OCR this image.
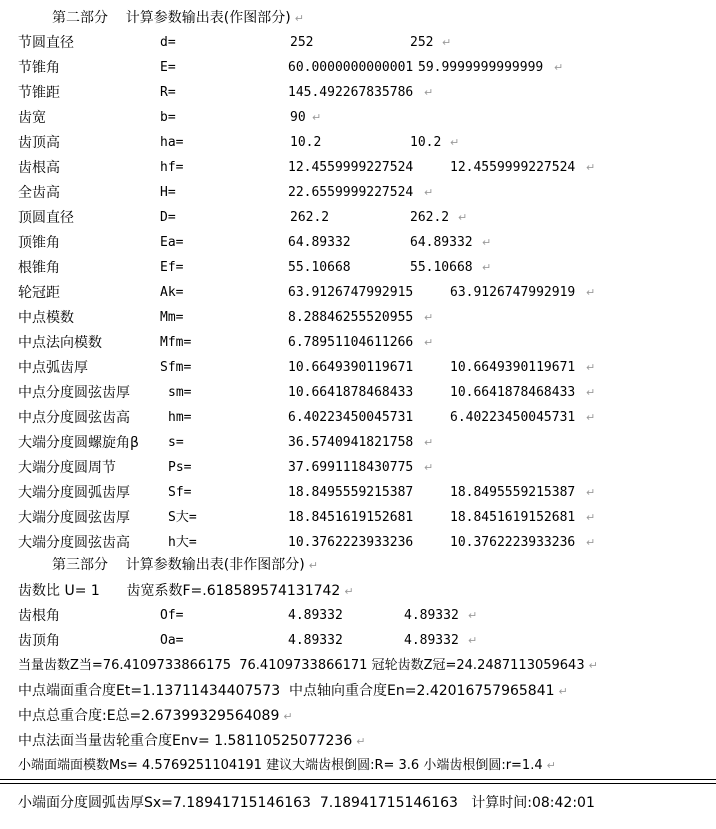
第二部分    计算参数输出表(作图部分) ↵
节圆直径	d=	252	252 ↵
节锥角	E=	60.0000000000001 59.9999999999999 ↵
节锥距	R=	145.492267835786 ↵
齿宽	b=	90 ↵
齿顶高	ha=	10.2	10.2 ↵
齿根高	hf=	12.4559999227524	12.4559999227524 ↵
全齿高	H=	22.6559999227524 ↵
顶圆直径	D=	262.2	262.2 ↵
顶锥角	Ea=	64.89332	64.89332 ↵
根锥角	Ef=	55.10668	55.10668 ↵
轮冠距	Ak=	63.9126747992915	63.9126747992919 ↵
中点模数	Mm=	8.28846255520955 ↵
中点法向模数	Mfm=	6.78951104611266 ↵
中点弧齿厚	Sfm=	10.6649390119671	10.6649390119671 ↵
中点分度圆弦齿厚	sm=	10.6641878468433	10.6641878468433 ↵
中点分度圆弦齿高	hm=	6.40223450045731	6.40223450045731 ↵
大端分度圆螺旋角β s=	36.5740941821758 ↵
大端分度圆周节	Ps=	37.6991118430775 ↵
大端分度圆弧齿厚	Sf=	18.8495559215387	18.8495559215387 ↵
大端分度圆弦齿厚	S大=	18.8451619152681	18.8451619152681 ↵
大端分度圆弦齿高	h大=	10.3762223933236	10.3762223933236 ↵
第三部分    计算参数输出表(非作图部分) ↵
齿数比 U= 1      齿宽系数F=.618589574131742 ↵
齿根角	Of=	4.89332	4.89332 ↵
齿顶角	Oa=	4.89332	4.89332 ↵
当量齿数Z当=76.4109733866175  76.4109733866171 冠轮齿数Z冠=24.2487113059643 ↵
中点端面重合度Et=1.13711434407573  中点轴向重合度En=2.42016757965841 ↵
中点总重合度:E总=2.67399329564089 ↵
中点法面当量齿轮重合度Env= 1.58110525077236 ↵
小端面端面模数Ms= 4.5769251104191 建议大端齿根倒圆:R= 3.6 小端齿根倒圆:r=1.4 ↵
小端面分度圆弧齿厚Sx=7.18941715146163  7.18941715146163   计算时间:08:42:01
